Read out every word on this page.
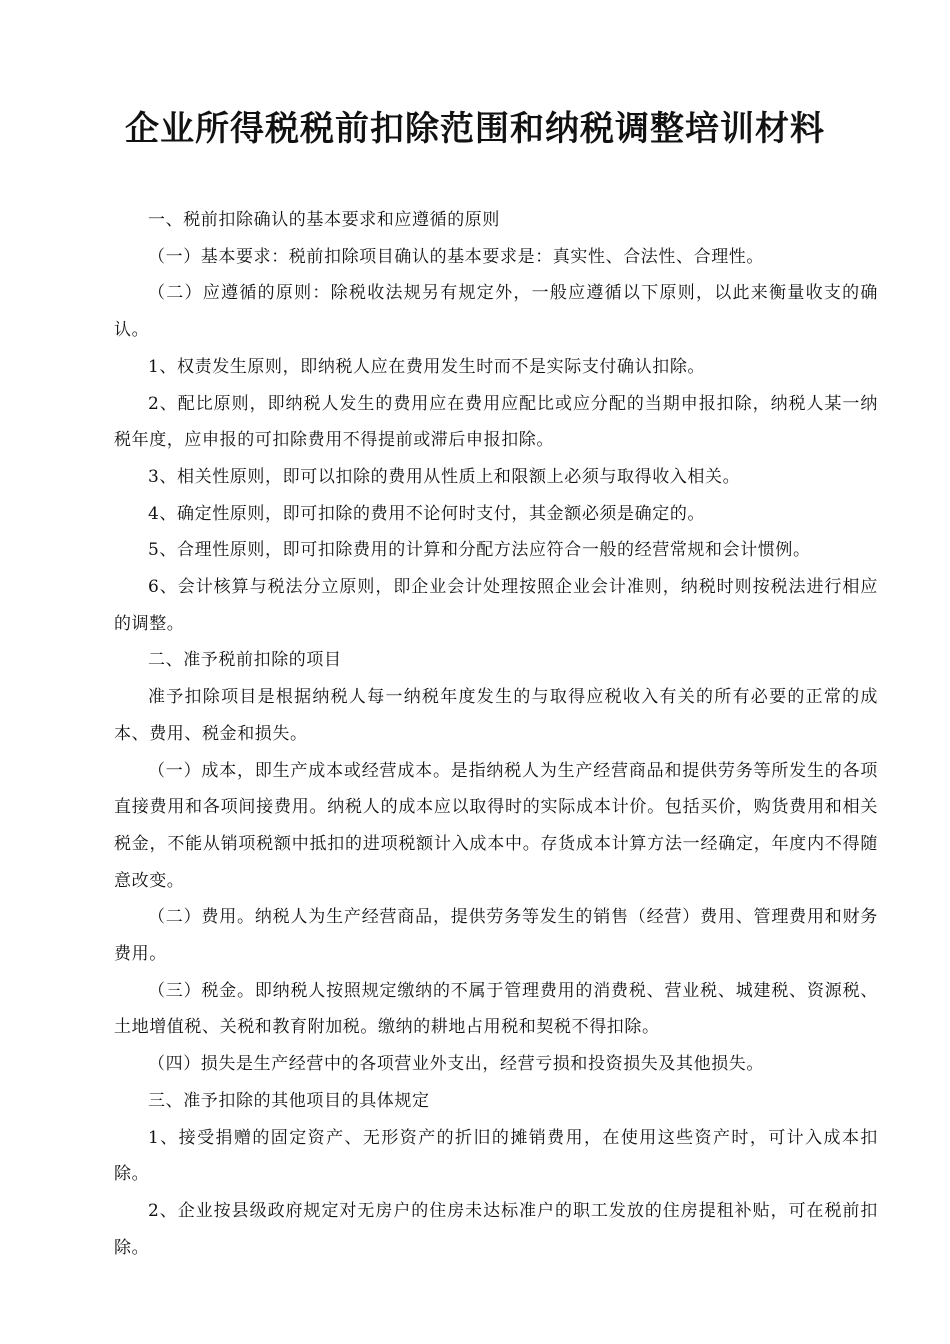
企业所得税税前扣除范围和纳税调整培训材料

一、税前扣除确认的基本要求和应遵循的原则

（一）基本要求：税前扣除项目确认的基本要求是：真实性、合法性、合理性。

（二）应遵循的原则：除税收法规另有规定外，一般应遵循以下原则，以此来衡量收支的确认。

1、权责发生原则，即纳税人应在费用发生时而不是实际支付确认扣除。

2、配比原则，即纳税人发生的费用应在费用应配比或应分配的当期申报扣除，纳税人某一纳税年度，应申报的可扣除费用不得提前或滞后申报扣除。

3、相关性原则，即可以扣除的费用从性质上和限额上必须与取得收入相关。

4、确定性原则，即可扣除的费用不论何时支付，其金额必须是确定的。

5、合理性原则，即可扣除费用的计算和分配方法应符合一般的经营常规和会计惯例。

6、会计核算与税法分立原则，即企业会计处理按照企业会计准则，纳税时则按税法进行相应的调整。

二、准予税前扣除的项目

准予扣除项目是根据纳税人每一纳税年度发生的与取得应税收入有关的所有必要的正常的成本、费用、税金和损失。

（一）成本，即生产成本或经营成本。是指纳税人为生产经营商品和提供劳务等所发生的各项直接费用和各项间接费用。纳税人的成本应以取得时的实际成本计价。包括买价，购货费用和相关税金，不能从销项税额中抵扣的进项税额计入成本中。存货成本计算方法一经确定，年度内不得随意改变。

（二）费用。纳税人为生产经营商品，提供劳务等发生的销售（经营）费用、管理费用和财务费用。

（三）税金。即纳税人按照规定缴纳的不属于管理费用的消费税、营业税、城建税、资源税、土地增值税、关税和教育附加税。缴纳的耕地占用税和契税不得扣除。

（四）损失是生产经营中的各项营业外支出，经营亏损和投资损失及其他损失。

三、准予扣除的其他项目的具体规定

1、接受捐赠的固定资产、无形资产的折旧的摊销费用，在使用这些资产时，可计入成本扣除。

2、企业按县级政府规定对无房户的住房未达标准户的职工发放的住房提租补贴，可在税前扣除。
